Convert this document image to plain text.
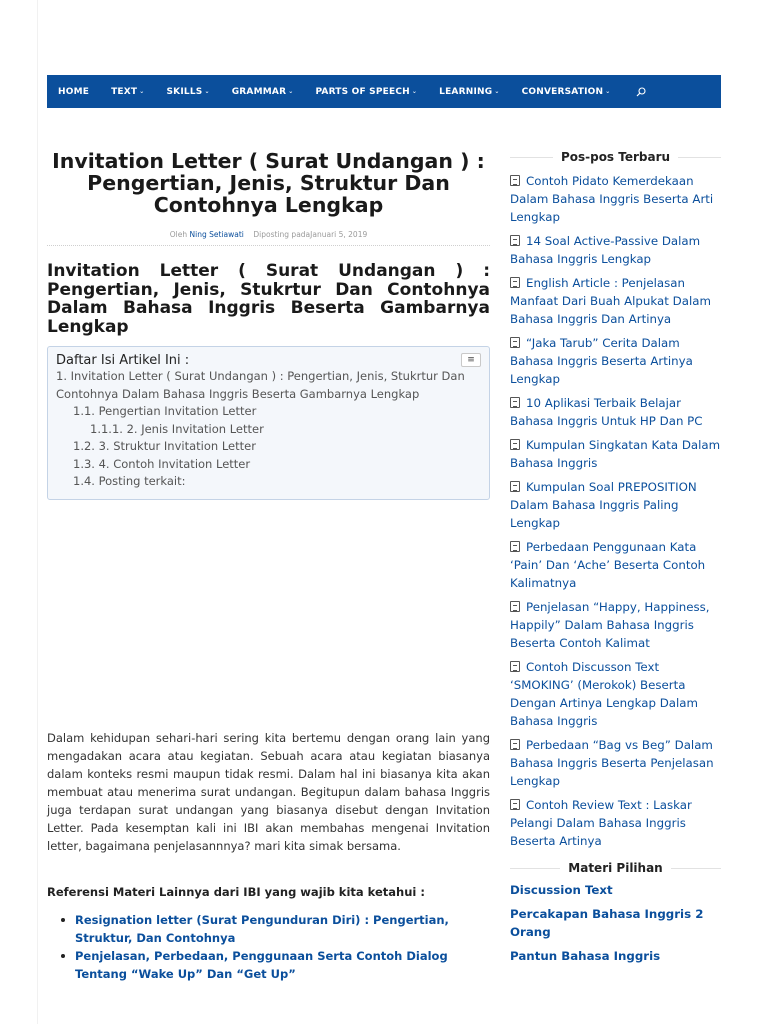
HOME TEXT ⌄ SKILLS ⌄ GRAMMAR ⌄ PARTS OF SPEECH ⌄ LEARNING ⌄ CONVERSATION ⌄
Invitation Letter ( Surat Undangan ) : Pengertian, Jenis, Struktur Dan Contohnya Lengkap
Oleh Ning Setiawati Diposting padaJanuari 5, 2019
Invitation Letter ( Surat Undangan ) : Pengertian, Jenis, Stukrtur Dan Contohnya Dalam Bahasa Inggris Beserta Gambarnya Lengkap
Daftar Isi Artikel Ini :	≡
1. Invitation Letter ( Surat Undangan ) : Pengertian, Jenis, Stukrtur Dan Contohnya Dalam Bahasa Inggris Beserta Gambarnya Lengkap
1.1. Pengertian Invitation Letter
1.1.1. 2. Jenis Invitation Letter
1.2. 3. Struktur Invitation Letter
1.3. 4. Contoh Invitation Letter
1.4. Posting terkait:

Dalam kehidupan sehari-hari sering kita bertemu dengan orang lain yang mengadakan acara atau kegiatan. Sebuah acara atau kegiatan biasanya dalam konteks resmi maupun tidak resmi. Dalam hal ini biasanya kita akan membuat atau menerima surat undangan. Begitupun dalam bahasa Inggris juga terdapan surat undangan yang biasanya disebut dengan Invitation Letter. Pada kesemptan kali ini IBI akan membahas mengenai Invitation letter, bagaimana penjelasannnya? mari kita simak bersama.

Referensi Materi Lainnya dari IBI yang wajib kita ketahui :
Resignation letter (Surat Pengunduran Diri) : Pengertian, Struktur, Dan Contohnya
Penjelasan, Perbedaan, Penggunaan Serta Contoh Dialog Tentang “Wake Up” Dan “Get Up”
Pos-pos Terbaru
Contoh Pidato Kemerdekaan Dalam Bahasa Inggris Beserta Arti Lengkap
14 Soal Active-Passive Dalam Bahasa Inggris Lengkap
English Article : Penjelasan Manfaat Dari Buah Alpukat Dalam Bahasa Inggris Dan Artinya
“Jaka Tarub” Cerita Dalam Bahasa Inggris Beserta Artinya Lengkap
10 Aplikasi Terbaik Belajar Bahasa Inggris Untuk HP Dan PC
Kumpulan Singkatan Kata Dalam Bahasa Inggris
Kumpulan Soal PREPOSITION Dalam Bahasa Inggris Paling Lengkap
Perbedaan Penggunaan Kata ‘Pain’ Dan ‘Ache’ Beserta Contoh Kalimatnya
Penjelasan “Happy, Happiness, Happily” Dalam Bahasa Inggris Beserta Contoh Kalimat
Contoh Discusson Text ‘SMOKING’ (Merokok) Beserta Dengan Artinya Lengkap Dalam Bahasa Inggris
Perbedaan “Bag vs Beg” Dalam Bahasa Inggris Beserta Penjelasan Lengkap
Contoh Review Text : Laskar Pelangi Dalam Bahasa Inggris Beserta Artinya
Materi Pilihan
Discussion Text
Percakapan Bahasa Inggris 2 Orang
Pantun Bahasa Inggris
